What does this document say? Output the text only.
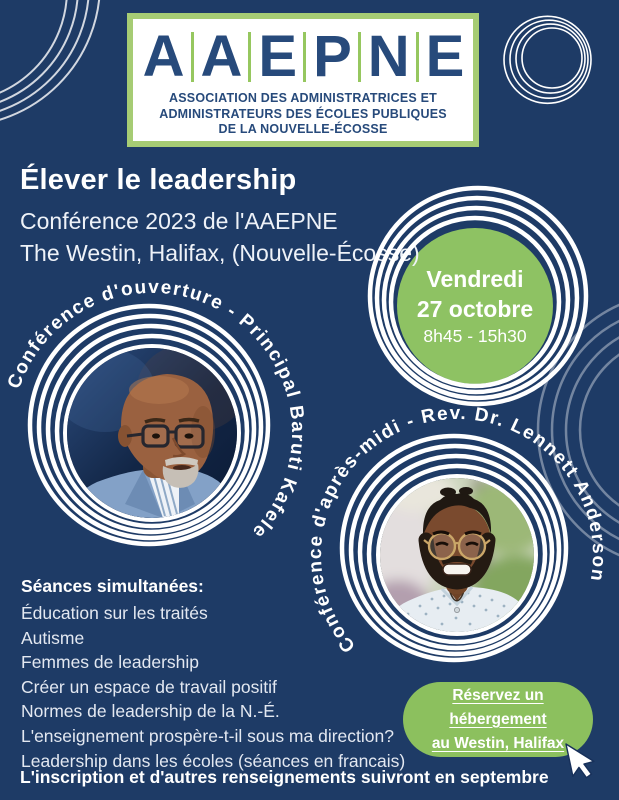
A A E P N E
ASSOCIATION DES ADMINISTRATRICES ET
ADMINISTRATEURS DES ÉCOLES PUBLIQUES
DE LA NOUVELLE-ÉCOSSE
Élever le leadership

Conférence 2023 de l'AAEPNE

The Westin, Halifax, (Nouvelle-Écosse)

Vendredi
27 octobre
8h45 - 15h30

Séances simultanées:

Éducation sur les traités
Autisme
Femmes de leadership
Créer un espace de travail positif
Normes de leadership de la N.-É.
L'enseignement prospère-t-il sous ma direction?
Leadership dans les écoles (séances en francais)
Réservez un hébergement
au Westin, Halifax
L'inscription et d'autres renseignements suivront en septembre
Conférence d'ouverture - Principal Baruti Kafele
Conférence d'après-midi - Rev. Dr. Lennett Anderson
